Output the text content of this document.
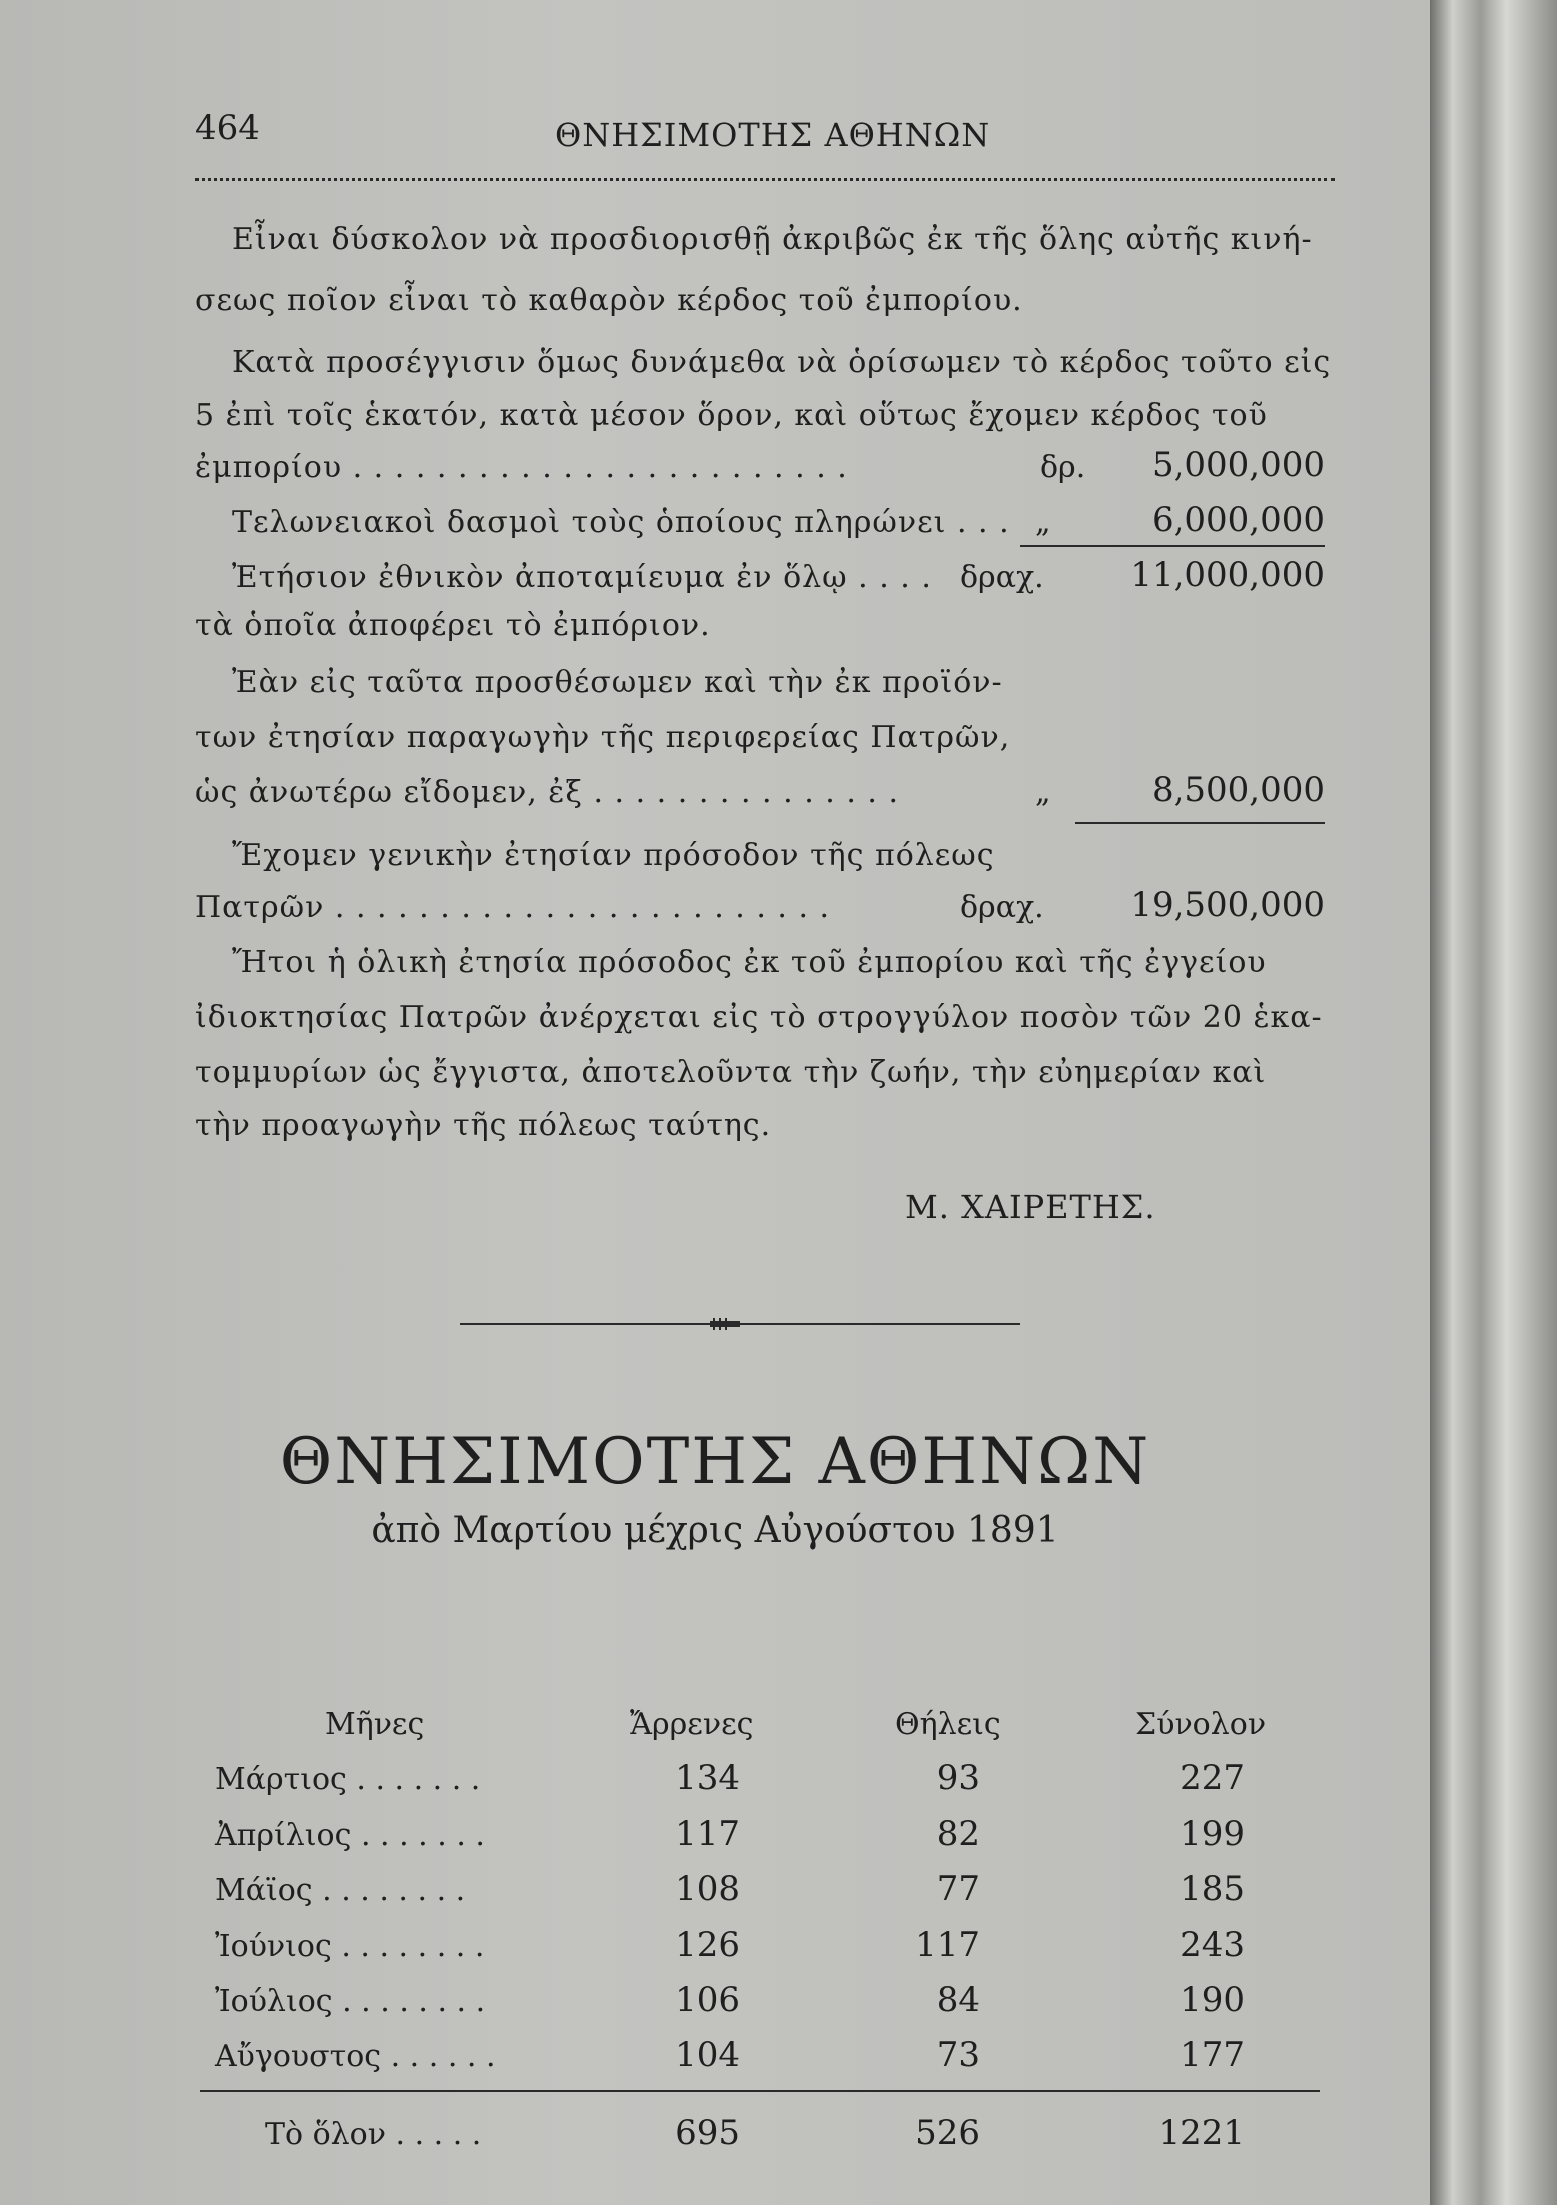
464	ΘΝΗΣΙΜΟΤΗΣ ΑΘΗΝΩΝ
Εἶναι δύσκολον νὰ προσδιορισθῇ ἀκριβῶς ἐκ τῆς ὅλης αὐτῆς κινή-
σεως ποῖον εἶναι τὸ καθαρὸν κέρδος τοῦ ἐμπορίου.
Κατὰ προσέγγισιν ὅμως δυνάμεθα νὰ ὁρίσωμεν τὸ κέρδος τοῦτο εἰς
5 ἐπὶ τοῖς ἑκατόν, κατὰ μέσον ὅρον, καὶ οὕτως ἔχομεν κέρδος τοῦ
ἐμπορίου . . . . . . . . . . . . . . . . . . . . . . . .	δρ.	5,000,000
Τελωνειακοὶ δασμοὶ τοὺς ὁποίους πληρώνει . . . „	6,000,000
Ἐτήσιον ἐθνικὸν ἀποταμίευμα ἐν ὅλῳ . . . . δραχ.	11,000,000
τὰ ὁποῖα ἀποφέρει τὸ ἐμπόριον.
Ἐὰν εἰς ταῦτα προσθέσωμεν καὶ τὴν ἐκ προϊόν-
των ἐτησίαν παραγωγὴν τῆς περιφερείας Πατρῶν,
ὡς ἀνωτέρω εἴδομεν, ἐξ . . . . . . . . . . . . . . .	„	8,500,000
Ἔχομεν γενικὴν ἐτησίαν πρόσοδον τῆς πόλεως
Πατρῶν . . . . . . . . . . . . . . . . . . . . . . . .	δραχ.	19,500,000
Ἤτοι ἡ ὁλικὴ ἐτησία πρόσοδος ἐκ τοῦ ἐμπορίου καὶ τῆς ἐγγείου
ἰδιοκτησίας Πατρῶν ἀνέρχεται εἰς τὸ στρογγύλον ποσὸν τῶν 20 ἑκα-
τομμυρίων ὡς ἔγγιστα, ἀποτελοῦντα τὴν ζωήν, τὴν εὐημερίαν καὶ
τὴν προαγωγὴν τῆς πόλεως ταύτης.
Μ. ΧΑΙΡΕΤΗΣ.
ΘΝΗΣΙΜΟΤΗΣ ΑΘΗΝΩΝ
ἀπὸ Μαρτίου μέχρις Αὐγούστου 1891
Μῆνες	Ἄρρενες	Θήλεις	Σύνολον
Μάρτιος . . . . . . .	134	93	227
Ἀπρίλιος . . . . . . .	117	82	199
Μάϊος . . . . . . . .	108	77	185
Ἰούνιος . . . . . . . .	126	117	243
Ἰούλιος . . . . . . . .	106	84	190
Αὔγουστος . . . . . .	104	73	177
Τὸ ὅλον . . . . .	695	526	1221
